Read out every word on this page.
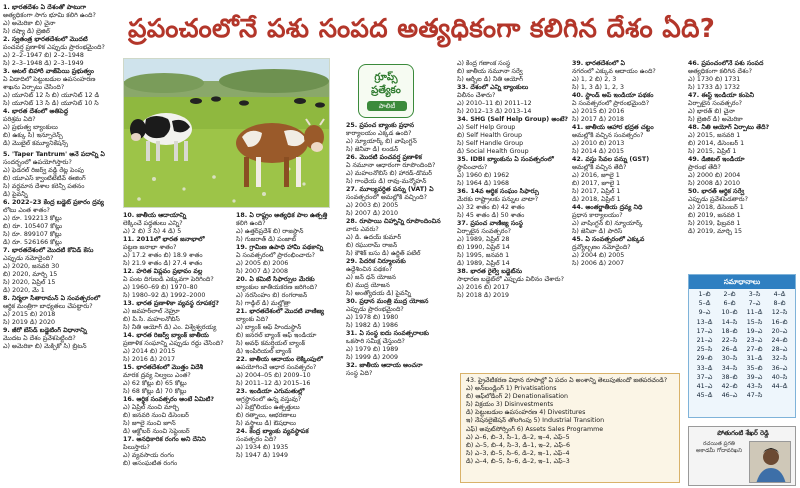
ప్రపంచంలోనే పశు సంపద అత్యధికంగా కలిగిన దేశం ఏది?
1. భారతదేశం ఏ దేశంతో పాటుగా
అత్యధికంగా సాగు భూమి కలిగి ఉంది?
ఎ) అమెరికా బి) చైనా
సి) రష్యా డి) బ్రెజిల్
2. స్వతంత్ర భారతదేశంలో మొదటి
పంచవర్ష ప్రణాళిక ఎప్పుడు ప్రారంభమైంది?
ఎ) 2–2–1947 బి) 2–2–1948
సి) 2–3–1948 డి) 2–3–1949
3. అటల్ బిహారీ వాజ్‌పేయి ప్రభుత్వం
ఏ ఏడాదిలో పెట్టుబడుల ఉపసంహరణ
శాఖను ఏర్పాటు చేసింది?
ఎ) యూనిట్ 12 సి బి) యూనిట్ 12 డి
సి) యూనిట్ 13 సి డి) యూనిట్ 10 సి
4. భారత దేశంలో అతిపెద్ద
పరిశ్రమ ఏది?
ఎ) ప్రభుత్వ బ్యాంకులు
బి) ఉక్కు సి) ఇన్సూరెన్స్
డి) మొబైల్ కమ్యూనికేషన్స్
5. 'Taper Tantrum' అనే పదాన్ని ఏ
సందర్భంలో ఉపయోగిస్తారు?
ఎ) ఫెడరల్ రిజర్వ్ వడ్డీ రేట్ల పెంపు
బి) యూఎస్ క్వాంటిటేటివ్ ఈజింగ్
సి) వర్ధమాన దేశాల కరెన్సీ పతనం
డి) పైవన్నీ
6. 2022–23 కేంద్ర బడ్జెట్ ప్రకారం ద్రవ్య
లోటు ఎంత శాతం?
ఎ) రూ. 192213 కోట్లు
బి) రూ. 105407 కోట్లు
సి) రూ. 899107 కోట్లు
డి) రూ. 526166 కోట్లు
7. భారతదేశంలో మొదటి కోవిడ్ కేసు
ఎప్పుడు నమోదైంది?
ఎ) 2020, జనవరి 30
బి) 2020, మార్చి 15
సి) 2020, ఏప్రిల్ 15
డి) 2020, మే 1
8. నిర్మలా సీతారామన్ ఏ సంవత్సరంలో
ఆర్థిక మంత్రిగా బాధ్యతలు చేపట్టారు?
ఎ) 2015 బి) 2018
సి) 2019 డి) 2020
9. జీరో బేస్‌డ్ బడ్జెటింగ్ విధానాన్ని
మొదట ఏ దేశం ప్రవేశపెట్టింది?
ఎ) అమెరికా బి) మెక్సికో సి) బ్రిటన్
గ్రూప్స్
ప్రత్యేకం
పాలిటీ
10. జాతీయ ఆదాయాన్ని
లెక్కించే పద్ధతులు ఎన్ని?
ఎ) 2 బి) 3 సి) 4 డి) 5
11. 2011లో భారత జనాభాలో
పట్టణ జనాభా శాతం?
ఎ) 17.2 శాతం బి) 18.9 శాతం
సి) 21.9 శాతం డి) 27.4 శాతం
12. హరిత విప్లవం ప్రభావం వల్ల
ఏ పంట దిగుబడి ఎక్కువగా పెరిగింది?
ఎ) 1960–69 బి) 1970–80
సి) 1980–92 డి) 1992–2000
13. భారత ప్రణాళికా వ్యవస్థ రూపకర్త?
ఎ) జవహర్‌లాల్ నెహ్రూ
బి) పి.సి. మహలనోబిస్
సి) నీతి ఆయోగ్ డి) ఎం. విశ్వేశ్వరయ్య
14. భారత రిజర్వ్ బ్యాంక్ జాతీయ
ప్రణాళిక సంఘాన్ని ఎప్పుడు రద్దు చేసింది?
ఎ) 2014 బి) 2015
సి) 2016 డి) 2017
15. భారతదేశంలో మొత్తం విదేశీ
మారక ద్రవ్య నిల్వలు ఎంత?
ఎ) 62 కోట్లు బి) 65 కోట్లు
సి) 68 కోట్లు డి) 70 కోట్లు
16. ఆర్థిక సంవత్సరం అంటే ఏమిటి?
ఎ) ఏప్రిల్ నుంచి మార్చి
బి) జనవరి నుంచి డిసెంబర్
సి) జూలై నుంచి జూన్
డి) అక్టోబర్ నుంచి సెప్టెంబర్
17. అనధికారిక రంగం అని దేనిని
పిలుస్తారు?
ఎ) వ్యవసాయ రంగం
బి) అసంఘటిత రంగం
18. ఏ రాష్ట్రం అత్యధిక పాల ఉత్పత్తి
కలిగి ఉంది?
ఎ) ఉత్తర్‌ప్రదేశ్ బి) రాజస్థాన్
సి) గుజరాత్ డి) పంజాబ్
19. గ్రామీణ ఉపాధి హామీ పథకాన్ని
ఏ సంవత్సరంలో ప్రారంభించారు?
ఎ) 2005 బి) 2006
సి) 2007 డి) 2008
20. ఏ కమిటీ సిఫార్సుల మేరకు
బ్యాంకుల జాతీయకరణ జరిగింది?
ఎ) నరసింహం బి) రంగరాజన్
సి) గాడ్గిల్ డి) మల్హోత్రా
21. భారతదేశంలో మొదటి వాణిజ్య
బ్యాంకు ఏది?
ఎ) బ్యాంక్ ఆఫ్ హిందుస్థాన్
బి) జనరల్ బ్యాంక్ ఆఫ్ ఇండియా
సి) అవధ్ కమర్షియల్ బ్యాంక్
డి) ఇంపీరియల్ బ్యాంక్
22. జాతీయ ఆదాయం లెక్కింపులో
ఉపయోగించే ఆధార సంవత్సరం?
ఎ) 2004–05 బి) 2009–10
సి) 2011–12 డి) 2015–16
23. ఇండియా ఎగుమతుల్లో
అగ్రస్థానంలో ఉన్న వస్తువు?
ఎ) పెట్రోలియం ఉత్పత్తులు
బి) రత్నాలు, ఆభరణాలు
సి) వస్త్రాలు డి) ఔషధాలు
24. కేంద్ర బ్యాంకు వ్యవస్థాపక
సంవత్సరం ఏది?
ఎ) 1934 బి) 1935
సి) 1947 డి) 1949
25. ప్రపంచ బ్యాంకు ప్రధాన
కార్యాలయం ఎక్కడ ఉంది?
ఎ) న్యూయార్క్ బి) వాషింగ్టన్
సి) జెనీవా డి) లండన్
26. మొదటి పంచవర్ష ప్రణాళిక
ఏ నమూనా ఆధారంగా రూపొందింది?
ఎ) మహలనోబిస్ బి) హారడ్-డొమర్
సి) గాంధేయ డి) రావు-మన్మోహన్
27. మూల్యవర్ధిత పన్ను (VAT) ఏ
సంవత్సరంలో అమల్లోకి వచ్చింది?
ఎ) 2003 బి) 2005
సి) 2007 డి) 2010
28. రూపాయి చిహ్నాన్ని రూపొందించిన
వారు ఎవరు?
ఎ) డి. ఉదయ్ కుమార్
బి) రఘురామ్ రాజన్
సి) కౌశిక్ బసు డి) ఉర్జిత్ పటేల్
29. పేదరిక నిర్మూలనకు
ఉద్దేశించిన పథకం?
ఎ) జన్ ధన్ యోజన
బి) ముద్ర యోజన
సి) అంత్యోదయ డి) పైవన్నీ
30. ప్రధాన మంత్రి ముద్ర యోజన
ఎప్పుడు ప్రారంభమైంది?
ఎ) 1978 బి) 1980
సి) 1982 డి) 1986
31. ఏ సంస్థ ఐదు సంవత్సరాలకు
ఒకసారి సమీక్ష చేస్తుంది?
ఎ) 1979 బి) 1989
సి) 1999 డి) 2009
32. జాతీయ ఆదాయ అంచనా
సంస్థ ఏది?
ఎ) కేంద్ర గణాంక సంస్థ
బి) జాతీయ నమూనా సర్వే
సి) ఆర్బీఐ డి) నీతి ఆయోగ్
33. దేశంలో ఎన్ని బ్యాంకులు
విలీనం చేశారు?
ఎ) 2010–11 బి) 2011–12
సి) 2012–13 డి) 2013–14
34. SHG (Self Help Group) అంటే?
ఎ) Self Help Group
బి) Self Health Group
సి) Self Handle Group
డి) Social Health Group
35. IDBI బ్యాంకును ఏ సంవత్సరంలో
స్థాపించారు?
ఎ) 1960 బి) 1962
సి) 1964 డి) 1968
36. 14వ ఆర్థిక సంఘం సిఫార్సు
మేరకు రాష్ట్రాలకు పన్నుల వాటా?
ఎ) 32 శాతం బి) 42 శాతం
సి) 45 శాతం డి) 50 శాతం
37. ప్రపంచ వాణిజ్య సంస్థ
ఏర్పాటైన సంవత్సరం?
ఎ) 1989, ఏప్రిల్ 28
బి) 1990, ఏప్రిల్ 14
సి) 1995, జనవరి 1
డి) 1989, ఏప్రిల్ 14
38. భారత రైల్వే బడ్జెట్‌ను
సాధారణ బడ్జెట్‌లో ఎప్పుడు విలీనం చేశారు?
ఎ) 2016 బి) 2017
సి) 2018 డి) 2019
39. భారతదేశంలో ఏ
నగరంలో ఎక్కువ ఆదాయం ఉంది?
ఎ) 1, 2 బి) 2, 3
సి) 1, 3 డి) 1, 2, 3
40. స్టాండ్ అప్ ఇండియా పథకం
ఏ సంవత్సరంలో ప్రారంభమైంది?
ఎ) 2015 బి) 2016
సి) 2017 డి) 2018
41. జాతీయ ఆహార భద్రత చట్టం
అమల్లోకి వచ్చిన సంవత్సరం?
ఎ) 2010 బి) 2013
సి) 2014 డి) 2015
42. వస్తు సేవల పన్ను (GST)
అమల్లోకి వచ్చిన తేదీ?
ఎ) 2016, జూలై 1
బి) 2017, జూలై 1
సి) 2017, ఏప్రిల్ 1
డి) 2018, ఏప్రిల్ 1
44. అంతర్జాతీయ ద్రవ్య నిధి
ప్రధాన కార్యాలయం?
ఎ) వాషింగ్టన్ బి) న్యూయార్క్
సి) జెనీవా డి) పారిస్
45. ఏ సంవత్సరంలో ఎక్కువ
ద్రవ్యోల్బణం నమోదైంది?
ఎ) 2004 బి) 2005
సి) 2006 డి) 2007
46. ప్రపంచంలోనే పశు సంపద
అత్యధికంగా కలిగిన దేశం?
ఎ) 1730 బి) 1731
సి) 1733 డి) 1732
47. ఈస్ట్ ఇండియా కంపెనీ
ఏర్పాటైన సంవత్సరం?
ఎ) భారత్ బి) చైనా
సి) బ్రెజిల్ డి) అమెరికా
48. నీతి ఆయోగ్ ఏర్పాటు తేదీ?
ఎ) 2015, జనవరి 1
బి) 2014, డిసెంబర్ 1
సి) 2015, ఏప్రిల్ 1
49. డిజిటల్ ఇండియా
ప్రారంభ తేదీ?
ఎ) 2000 బి) 2004
సి) 2008 డి) 2010
50. భారత్ ఆర్థిక సర్వే
ఎప్పుడు ప్రవేశపెడతారు?
ఎ) 2018, డిసెంబర్ 1
బి) 2019, జనవరి 1
సి) 2019, ఫిబ్రవరి 1
డి) 2019, మార్చి 15
43. ప్రైవేటీకరణ విధాన రూపాల్లో ఏ పదం ఏ అంశాన్ని తెలుపుతుందో జతపరచండి?
ఎ) అన్‌బండ్లింగ్ 1) Privatisations
బి) ఆఫ్‌లోడింగ్ 2) Denationalisation
సి) విక్రయం 3) Disinvestments
డి) పెట్టుబడుల ఉపసంహరణ 4) Divestitures
ఇ) నేషనలైజేషన్ తొలగింపు 5) Industrial Transition
ఎఫ్) అవుట్‌సోర్సింగ్ 6) Assets Sales Programme
ఎ) ఎ–6, బి–3, సి–1, డి–2, ఇ–4, ఎఫ్–5
బి) ఎ–5, బి–4, సి–3, డి–1, ఇ–2, ఎఫ్–6
సి) ఎ–3, బి–5, సి–6, డి–2, ఇ–1, ఎఫ్–4
డి) ఎ–4, బి–5, సి–6, డి–2, ఇ–1, ఎఫ్–3
సమాధానాలు
1–బి	2–బి	3–సి	4–డి
5–డి	6–బి	7–ఎ	8–బి
9–ఎ	10–బి	11–డి	12–సి
13–డి	14–సి	15–సి	16–బి
17–ఎ	18–బి	19–ఎ	20–ఎ
21–ఎ	22–సి	23–ఎ	24–బి
25–సి	26–డి	27–బి	28–ఎ
29–బి	30–సి	31–డి	32–సి
33–డి	34–సి	35–బి	36–ఎ
37–ఎ	38–బి	39–ఎ	40–సి
41–ఎ	42–బి	43–సి	44–డి
45–డి	46–ఎ	47–సి
పోతుగంటి శేఖర్ రెడ్డి
రచయిత ప్రగతి అకాడమీ గోదావరిఖని
